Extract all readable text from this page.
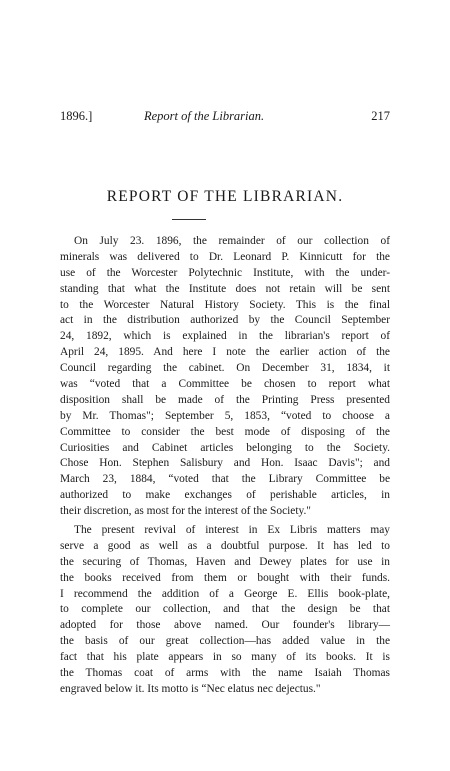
1896.]	Report of the Librarian.	217
REPORT OF THE LIBRARIAN.
On July 23. 1896, the remainder of our collection of
minerals was delivered to Dr. Leonard P. Kinnicutt for the
use of the Worcester Polytechnic Institute, with the under-
standing that what the Institute does not retain will be sent
to the Worcester Natural History Society. This is the final
act in the distribution authorized by the Council September
24, 1892, which is explained in the librarian's report of
April 24, 1895. And here I note the earlier action of the
Council regarding the cabinet. On December 31, 1834, it
was “voted that a Committee be chosen to report what
disposition shall be made of the Printing Press presented
by Mr. Thomas"; September 5, 1853, “voted to choose a
Committee to consider the best mode of disposing of the
Curiosities and Cabinet articles belonging to the Society.
Chose Hon. Stephen Salisbury and Hon. Isaac Davis"; and
March 23, 1884, “voted that the Library Committee be
authorized to make exchanges of perishable articles, in
their discretion, as most for the interest of the Society."
The present revival of interest in Ex Libris matters may
serve a good as well as a doubtful purpose. It has led to
the securing of Thomas, Haven and Dewey plates for use in
the books received from them or bought with their funds.
I recommend the addition of a George E. Ellis book-plate,
to complete our collection, and that the design be that
adopted for those above named. Our founder's library—
the basis of our great collection—has added value in the
fact that his plate appears in so many of its books. It is
the Thomas coat of arms with the name Isaiah Thomas
engraved below it. Its motto is “Nec elatus nec dejectus."
